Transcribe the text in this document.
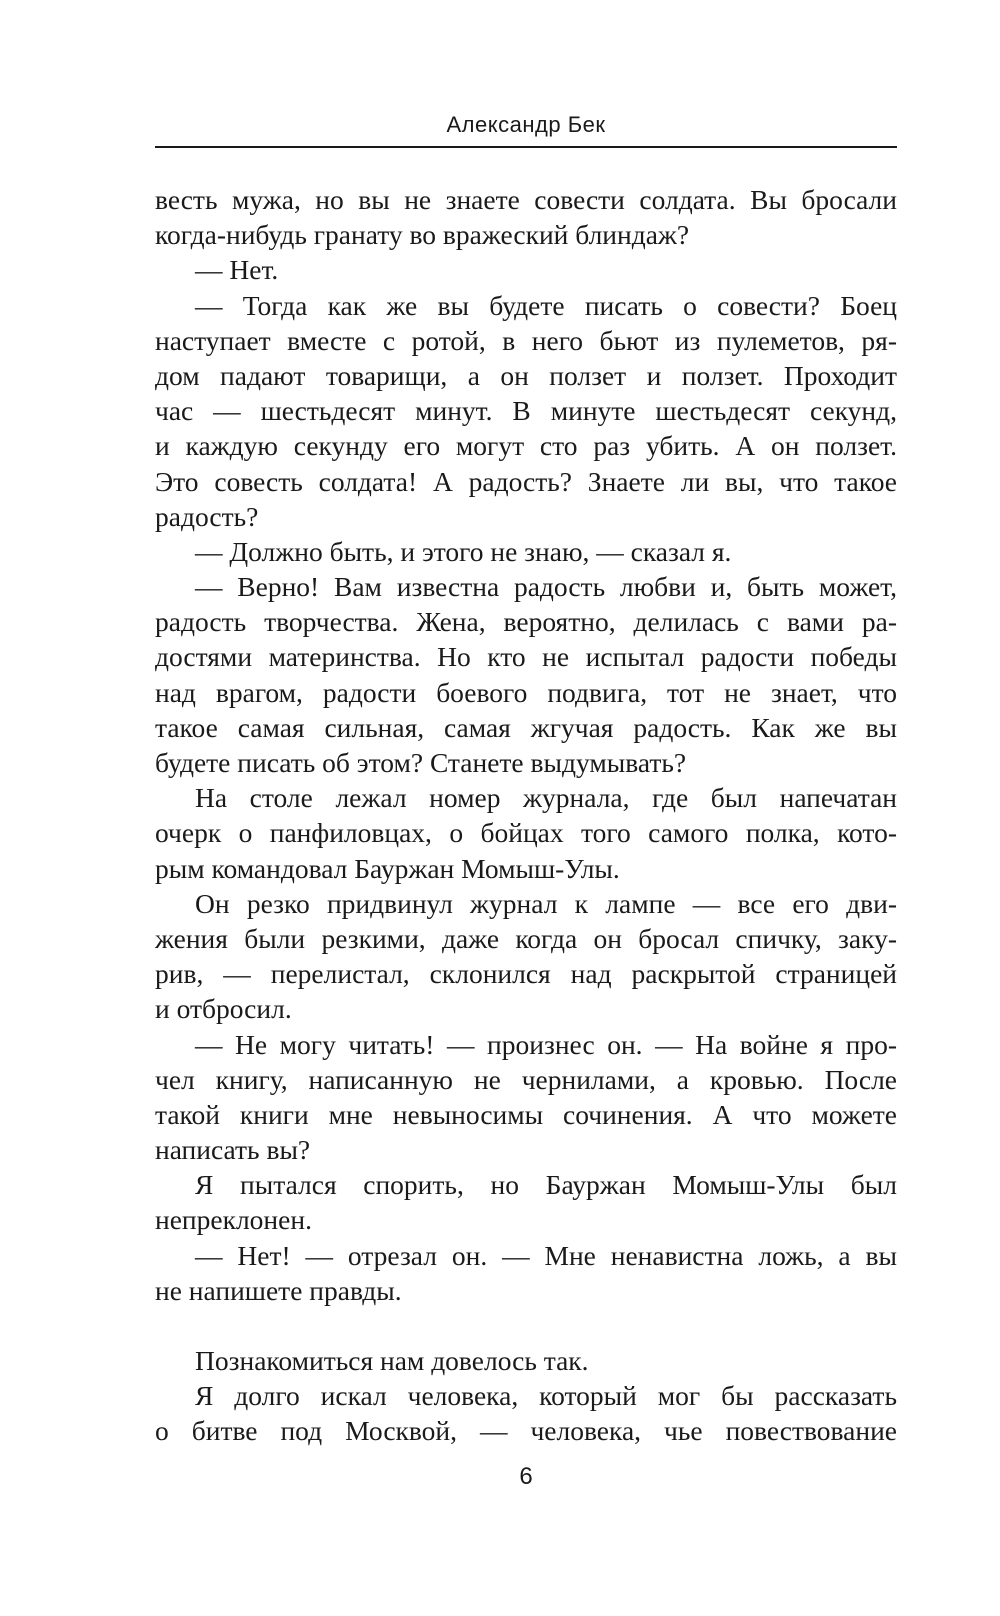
Александр Бек
весть мужа, но вы не знаете совести солдата. Вы бросали
когда-нибудь гранату во вражеский блиндаж?
— Нет.
— Тогда как же вы будете писать о совести? Боец
наступает вместе с ротой, в него бьют из пулеметов, ря-
дом падают товарищи, а он ползет и ползет. Проходит
час — шестьдесят минут. В минуте шестьдесят секунд,
и каждую секунду его могут сто раз убить. А он ползет.
Это совесть солдата! А радость? Знаете ли вы, что такое
радость?
— Должно быть, и этого не знаю, — сказал я.
— Верно! Вам известна радость любви и, быть может,
радость творчества. Жена, вероятно, делилась с вами ра-
достями материнства. Но кто не испытал радости победы
над врагом, радости боевого подвига, тот не знает, что
такое самая сильная, самая жгучая радость. Как же вы
будете писать об этом? Станете выдумывать?
На столе лежал номер журнала, где был напечатан
очерк о панфиловцах, о бойцах того самого полка, кото-
рым командовал Бауржан Момыш-Улы.
Он резко придвинул журнал к лампе — все его дви-
жения были резкими, даже когда он бросал спичку, заку-
рив, — перелистал, склонился над раскрытой страницей
и отбросил.
— Не могу читать! — произнес он. — На войне я про-
чел книгу, написанную не чернилами, а кровью. После
такой книги мне невыносимы сочинения. А что можете
написать вы?
Я пытался спорить, но Бауржан Момыш-Улы был
непреклонен.
— Нет! — отрезал он. — Мне ненавистна ложь, а вы
не напишете правды.
Познакомиться нам довелось так.
Я долго искал человека, который мог бы рассказать
о битве под Москвой, — человека, чье повествование
6
